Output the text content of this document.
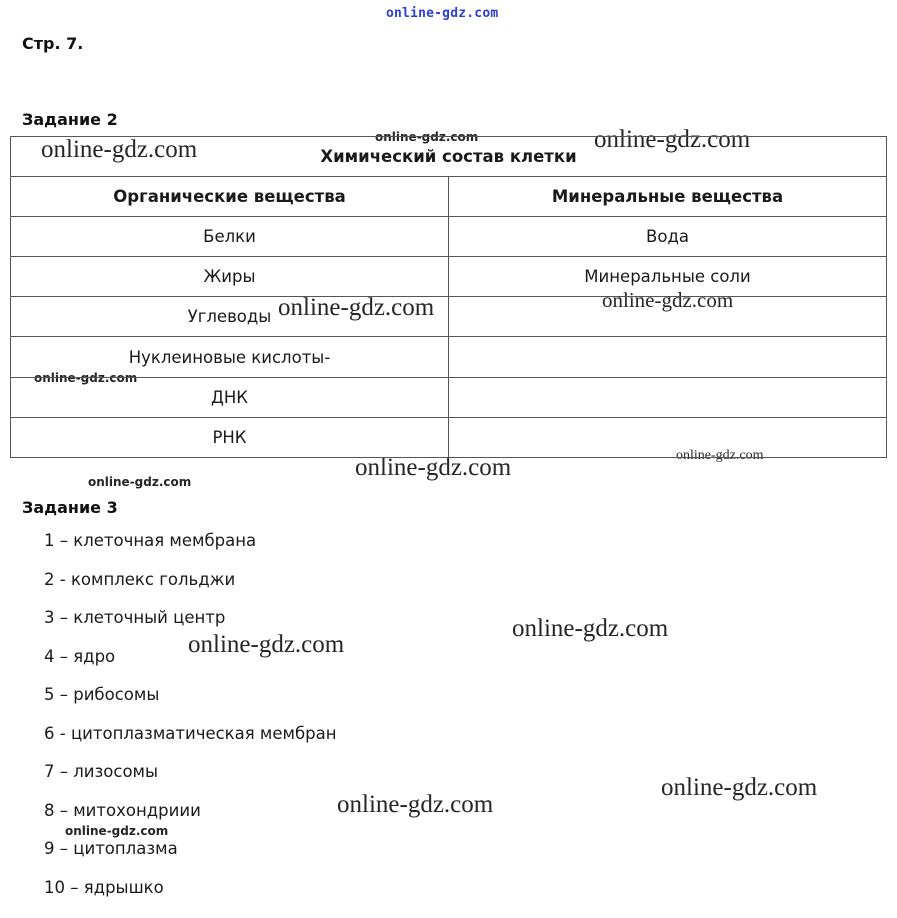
online-gdz.com
online-gdz.com
online-gdz.com	online-gdz.com
online-gdz.com	online-gdz.com
online-gdz.com
online-gdz.com
online-gdz.com
online-gdz.com
online-gdz.com
online-gdz.com
online-gdz.com
online-gdz.com
online-gdz.com
Стр. 7.
Задание 2
Химический состав клетки	
Органические вещества	Минеральные вещества
Белки	Вода
Жиры	Минеральные соли
Углеводы	
Нуклеиновые кислоты-	
ДНК	
РНК	
Задание 3
1 – клеточная мембрана
2 - комплекс гольджи
3 – клеточный центр
4 – ядро
5 – рибосомы
6 - цитоплазматическая мембран
7 – лизосомы
8 – митохондриии
9 – цитоплазма
10 – ядрышко
